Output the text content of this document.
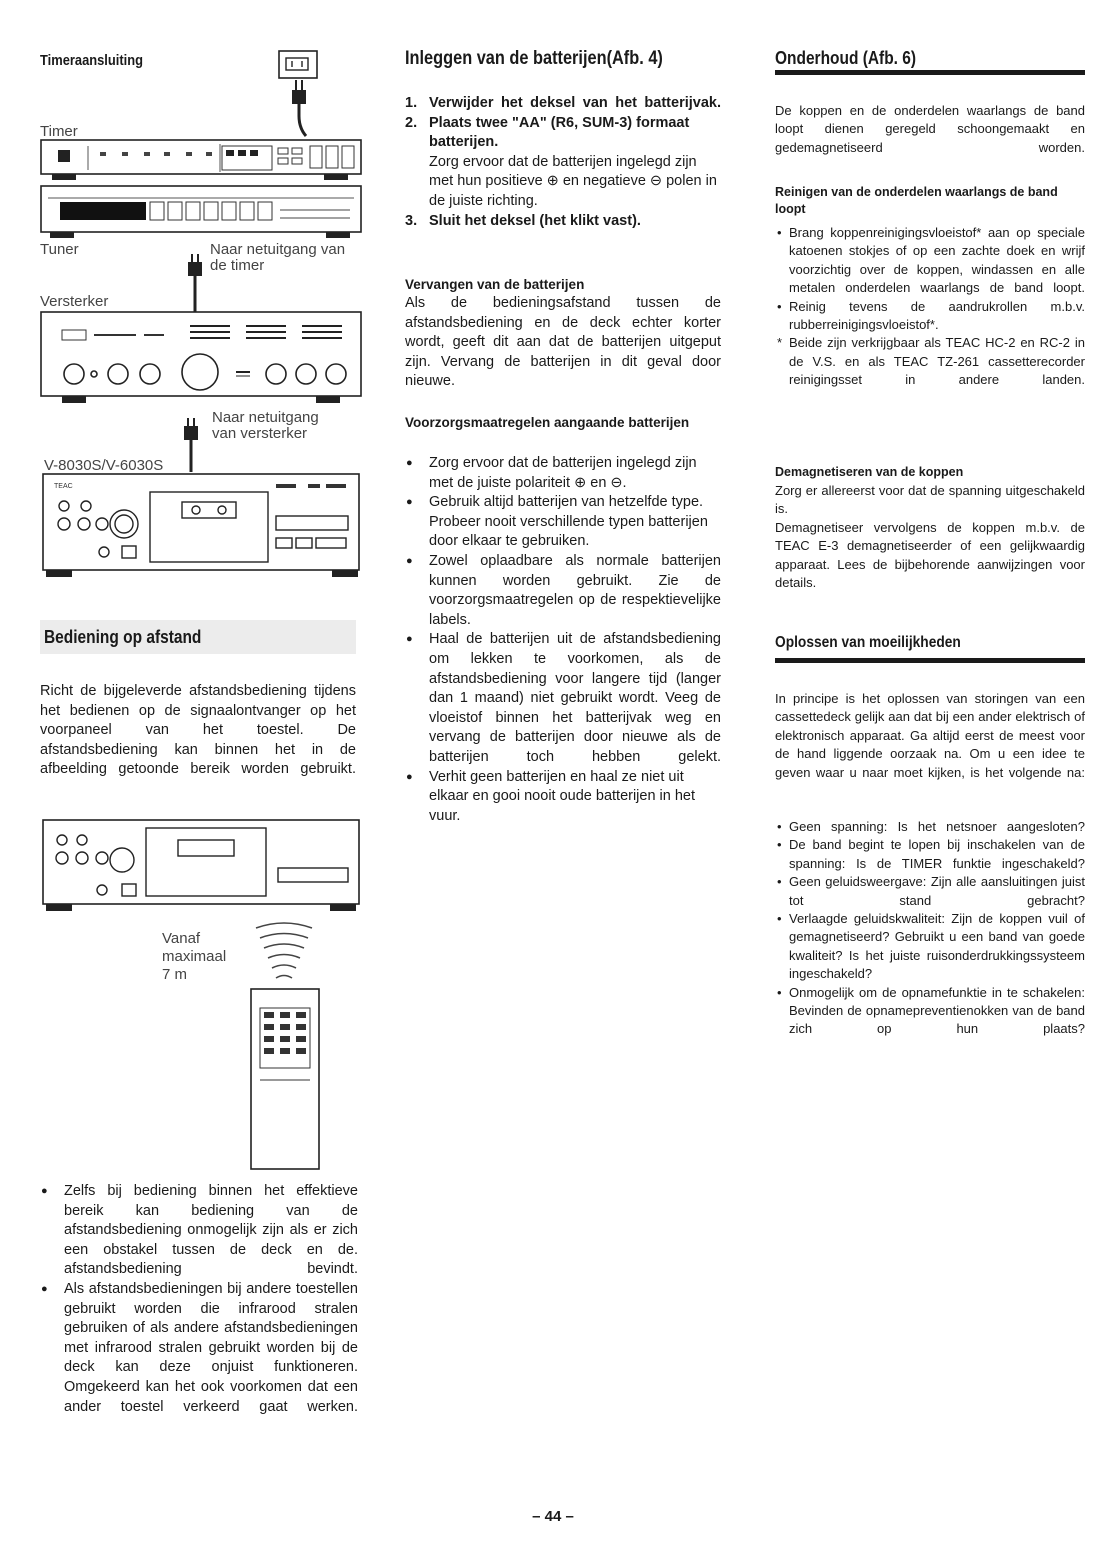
Timeraansluiting
Timer
Tuner	Naar netuitgang van
de timer
Versterker
Naar netuitgang
van versterker
V-8030S/V-6030S
TEAC
Bediening op afstand
Richt de bijgeleverde afstandsbediening tijdens het bedienen op de signaalontvanger op het voorpaneel van het toestel. De afstandsbediening kan binnen het in de afbeelding getoonde bereik worden gebruikt.
Vanaf
maximaal
7 m
● Zelfs bij bediening binnen het effektieve bereik kan bediening van de afstandsbediening onmogelijk zijn als er zich een obstakel tussen de deck en de. afstandsbediening bevindt.
● Als afstandsbedieningen bij andere toestellen gebruikt worden die infrarood stralen gebruiken of als andere afstandsbedieningen met infrarood stralen gebruikt worden bij de deck kan deze onjuist funktioneren. Omgekeerd kan het ook voorkomen dat een ander toestel verkeerd gaat werken.
Inleggen van de batterijen(Afb. 4)
1. Verwijder het deksel van het batterijvak.
2. Plaats twee "AA" (R6, SUM-3) formaat batterijen.
Zorg ervoor dat de batterijen ingelegd zijn met hun positieve ⊕ en negatieve ⊖ polen in de juiste richting.
3. Sluit het deksel (het klikt vast).
Vervangen van de batterijen
Als de bedieningsafstand tussen de afstandsbediening en de deck echter korter wordt, geeft dit aan dat de batterijen uitgeput zijn. Vervang de batterijen in dit geval door nieuwe.
Voorzorgsmaatregelen aangaande batterijen
● Zorg ervoor dat de batterijen ingelegd zijn met de juiste polariteit ⊕ en ⊖.
● Gebruik altijd batterijen van hetzelfde type. Probeer nooit verschillende typen batterijen door elkaar te gebruiken.
● Zowel oplaadbare als normale batterijen kunnen worden gebruikt. Zie de voorzorgsmaatregelen op de respektievelijke labels.
● Haal de batterijen uit de afstandsbediening om lekken te voorkomen, als de afstandsbediening voor langere tijd (langer dan 1 maand) niet gebruikt wordt. Veeg de vloeistof binnen het batterijvak weg en vervang de batterijen door nieuwe als de batterijen toch hebben gelekt.
● Verhit geen batterijen en haal ze niet uit elkaar en gooi nooit oude batterijen in het vuur.
Onderhoud (Afb. 6)
De koppen en de onderdelen waarlangs de band loopt dienen geregeld schoongemaakt en gedemagnetiseerd worden.
Reinigen van de onderdelen waarlangs de band loopt
• Brang koppenreinigingsvloeistof* aan op speciale katoenen stokjes of op een zachte doek en wrijf voorzichtig over de koppen, windassen en alle metalen onderdelen waarlangs de band loopt.
• Reinig tevens de aandrukrollen m.b.v. rubberreinigingsvloeistof*.
* Beide zijn verkrijgbaar als TEAC HC-2 en RC-2 in de V.S. en als TEAC TZ-261 cassetterecorder reinigingsset in andere landen.
Demagnetiseren van de koppen

Zorg er allereerst voor dat de spanning uitgeschakeld is.

Demagnetiseer vervolgens de koppen m.b.v. de TEAC E-3 demagnetiseerder of een gelijkwaardig apparaat. Lees de bijbehorende aanwijzingen voor details.

Oplossen van moeilijkheden
In principe is het oplossen van storingen van een cassettedeck gelijk aan dat bij een ander elektrisch of elektronisch apparaat. Ga altijd eerst de meest voor de hand liggende oorzaak na. Om u een idee te geven waar u naar moet kijken, is het volgende na:
• Geen spanning: Is het netsnoer aangesloten?
• De band begint te lopen bij inschakelen van de spanning: Is de TIMER funktie ingeschakeld?
• Geen geluidsweergave: Zijn alle aansluitingen juist tot stand gebracht?
• Verlaagde geluidskwaliteit: Zijn de koppen vuil of gemagnetiseerd? Gebruikt u een band van goede kwaliteit? Is het juiste ruisonderdrukkingssysteem ingeschakeld?
• Onmogelijk om de opnamefunktie in te schakelen: Bevinden de opnamepreventienokken van de band zich op hun plaats?
– 44 –
